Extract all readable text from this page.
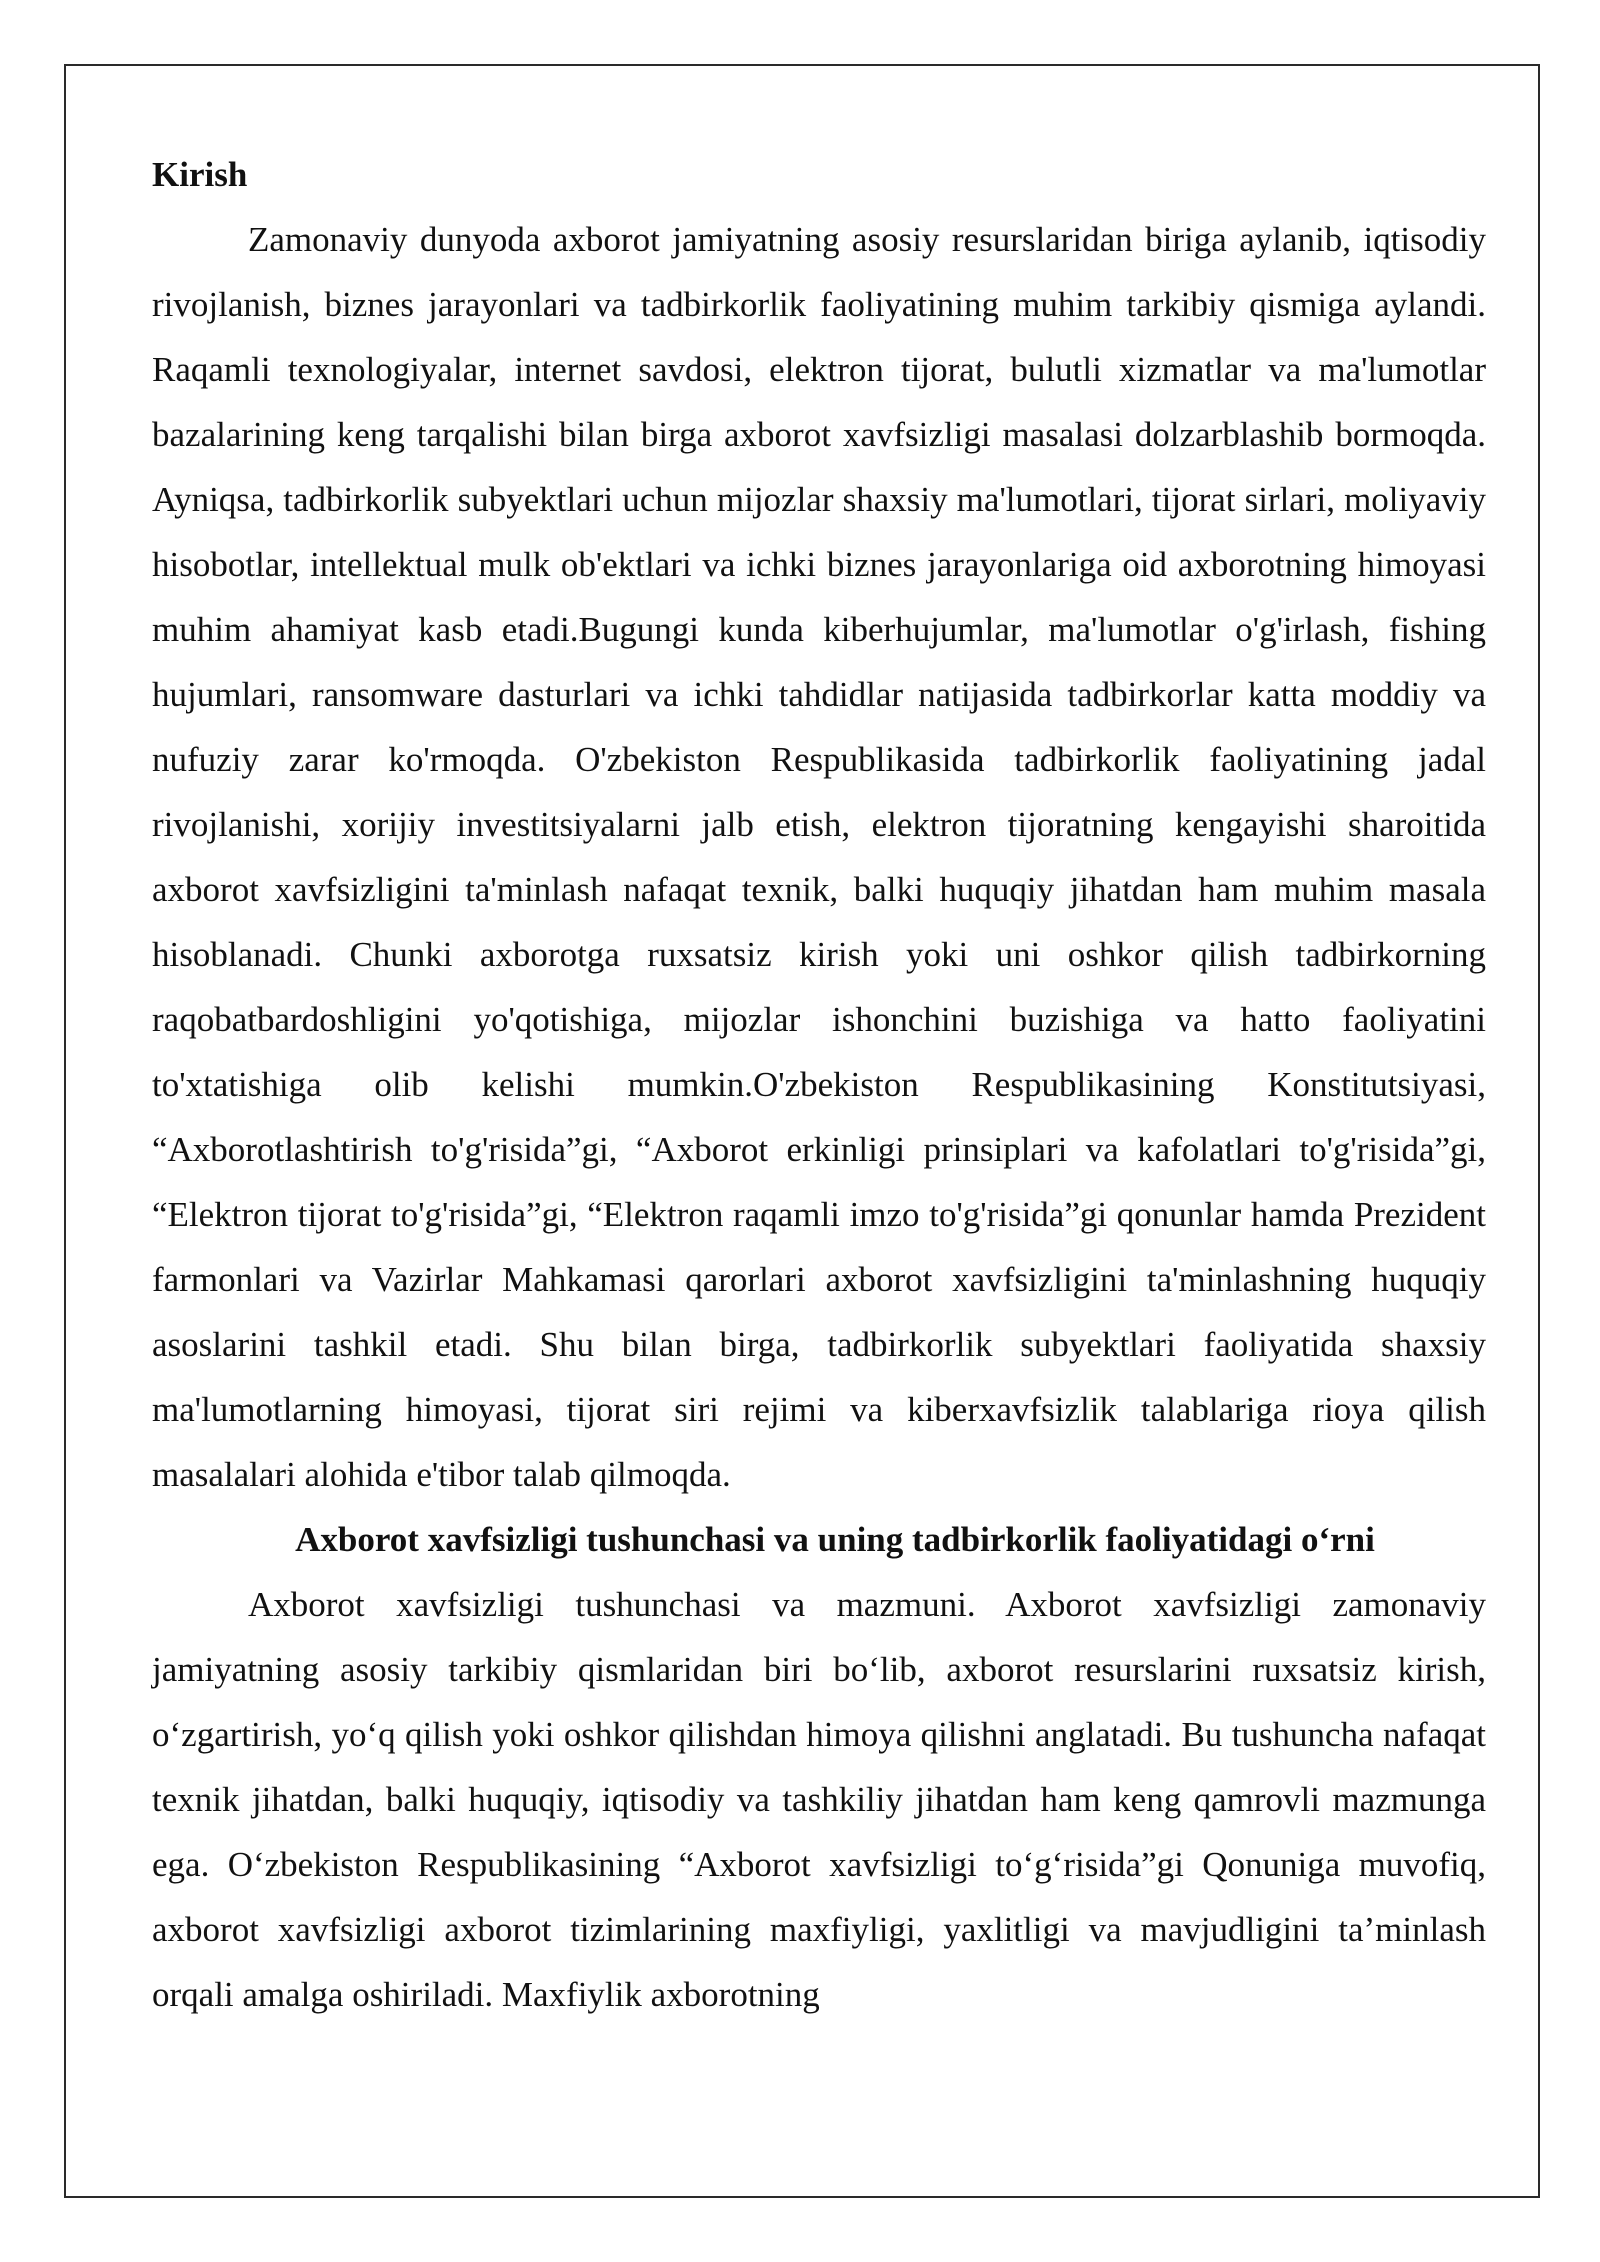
Kirish

Zamonaviy dunyoda axborot jamiyatning asosiy resurslaridan biriga aylanib, iqtisodiy rivojlanish, biznes jarayonlari va tadbirkorlik faoliyatining muhim tarkibiy qismiga aylandi. Raqamli texnologiyalar, internet savdosi, elektron tijorat, bulutli xizmatlar va ma'lumotlar bazalarining keng tarqalishi bilan birga axborot xavfsizligi masalasi dolzarblashib bormoqda. Ayniqsa, tadbirkorlik subyektlari uchun mijozlar shaxsiy ma'lumotlari, tijorat sirlari, moliyaviy hisobotlar, intellektual mulk ob'ektlari va ichki biznes jarayonlariga oid axborotning himoyasi muhim ahamiyat kasb etadi.Bugungi kunda kiberhujumlar, ma'lumotlar o'g'irlash, fishing hujumlari, ransomware dasturlari va ichki tahdidlar natijasida tadbirkorlar katta moddiy va nufuziy zarar ko'rmoqda. O'zbekiston Respublikasida tadbirkorlik faoliyatining jadal rivojlanishi, xorijiy investitsiyalarni jalb etish, elektron tijoratning kengayishi sharoitida axborot xavfsizligini ta'minlash nafaqat texnik, balki huquqiy jihatdan ham muhim masala hisoblanadi. Chunki axborotga ruxsatsiz kirish yoki uni oshkor qilish tadbirkorning raqobatbardoshligini yo'qotishiga, mijozlar ishonchini buzishiga va hatto faoliyatini to'xtatishiga olib kelishi mumkin.O'zbekiston Respublikasining Konstitutsiyasi, “Axborotlashtirish to'g'risida”gi, “Axborot erkinligi prinsiplari va kafolatlari to'g'risida”gi, “Elektron tijorat to'g'risida”gi, “Elektron raqamli imzo to'g'risida”gi qonunlar hamda Prezident farmonlari va Vazirlar Mahkamasi qarorlari axborot xavfsizligini ta'minlashning huquqiy asoslarini tashkil etadi. Shu bilan birga, tadbirkorlik subyektlari faoliyatida shaxsiy ma'lumotlarning himoyasi, tijorat siri rejimi va kiberxavfsizlik talablariga rioya qilish masalalari alohida e'tibor talab qilmoqda.

Axborot xavfsizligi tushunchasi va uning tadbirkorlik faoliyatidagi o‘rni

Axborot xavfsizligi tushunchasi va mazmuni. Axborot xavfsizligi zamonaviy jamiyatning asosiy tarkibiy qismlaridan biri bo‘lib, axborot resurslarini ruxsatsiz kirish, o‘zgartirish, yo‘q qilish yoki oshkor qilishdan himoya qilishni anglatadi. Bu tushuncha nafaqat texnik jihatdan, balki huquqiy, iqtisodiy va tashkiliy jihatdan ham keng qamrovli mazmunga ega. O‘zbekiston Respublikasining “Axborot xavfsizligi to‘g‘risida”gi Qonuniga muvofiq, axborot xavfsizligi axborot tizimlarining maxfiyligi, yaxlitligi va mavjudligini ta’minlash orqali amalga oshiriladi. Maxfiylik axborotning
